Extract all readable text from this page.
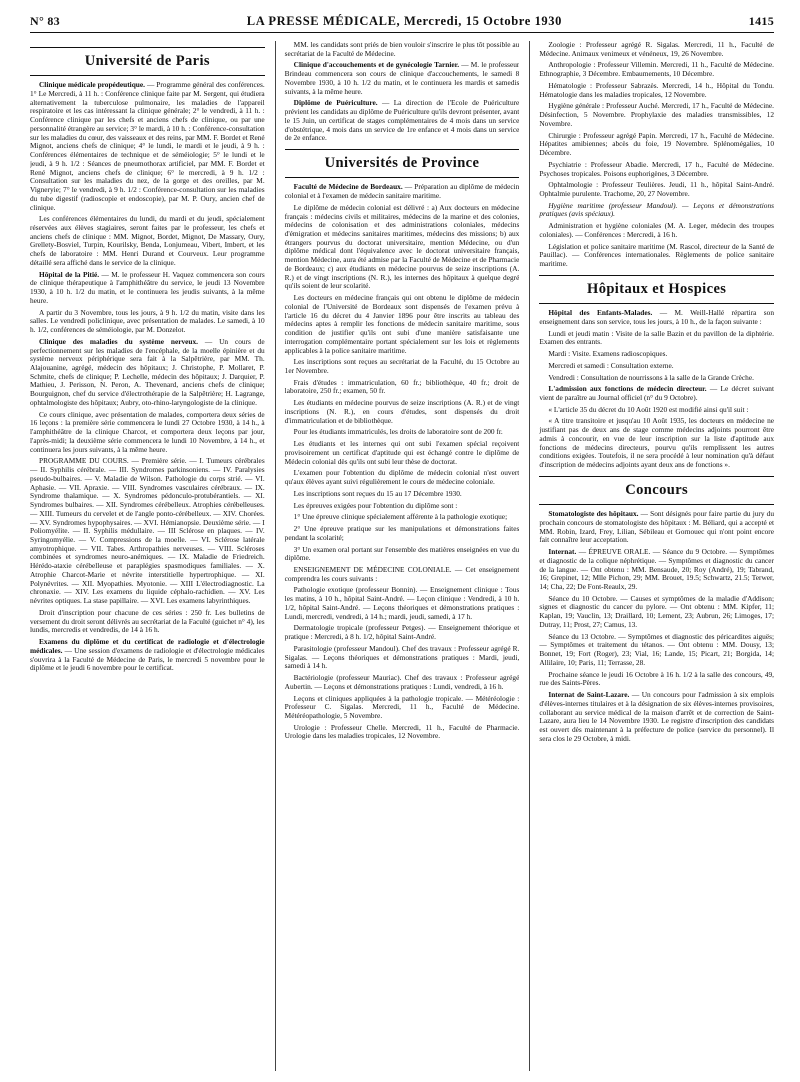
N° 83	LA PRESSE MÉDICALE, Mercredi, 15 Octobre 1930	1415
Université de Paris

Clinique médicale propédeutique. — Programme général des conférences. 1° Le Mercredi, à 11 h. : Conférence clinique faite par M. Sergent, qui étudiera alternativement la tuberculose pulmonaire, les maladies de l'appareil respiratoire et les cas intéressant la clinique générale; 2° le vendredi, à 11 h. : Conférence clinique par les chefs et anciens chefs de clinique, ou par une personnalité étrangère au service; 3° le mardi, à 10 h. : Conférence-consultation sur les maladies du cœur, des vaisseaux et des reins, par MM. F. Bordet et René Mignot, anciens chefs de clinique; 4° le lundi, le mardi et le jeudi, à 9 h. : Conférences élémentaires de technique et de séméiologie; 5° le lundi et le jeudi, à 9 h. 1/2 : Séances de pneumothorax artificiel, par MM. F. Bordet et René Mignot, anciens chefs de clinique; 6° le mercredi, à 9 h. 1/2 : Consultation sur les maladies du nez, de la gorge et des oreilles, par M. Vigneryie; 7° le vendredi, à 9 h. 1/2 : Conférence-consultation sur les maladies du tube digestif (radioscopie et endoscopie), par M. P. Oury, ancien chef de clinique.

Les conférences élémentaires du lundi, du mardi et du jeudi, spécialement réservées aux élèves stagiaires, seront faites par le professeur, les chefs et anciens chefs de clinique : MM. Mignot, Bordet, Mignot, De Massary, Oury, Grellety-Bosviel, Turpin, Kourilsky, Benda, Lonjumeau, Vibert, Imbert, et les chefs de laboratoire : MM. Henri Durand et Courveux. Leur programme détaillé sera affiché dans le service de la clinique.

Hôpital de la Pitié. — M. le professeur H. Vaquez commencera son cours de clinique thérapeutique à l'amphithéâtre du service, le jeudi 13 Novembre 1930, à 10 h. 1/2 du matin, et le continuera les jeudis suivants, à la même heure.

A partir du 3 Novembre, tous les jours, à 9 h. 1/2 du matin, visite dans les salles. Le vendredi policlinique, avec présentation de malades. Le samedi, à 10 h. 1/2, conférences de séméiologie, par M. Donzelot.

Clinique des maladies du système nerveux. — Un cours de perfectionnement sur les maladies de l'encéphale, de la moelle épinière et du système nerveux périphérique sera fait à la Salpêtrière, par MM. Th. Alajouanine, agrégé, médecin des hôpitaux; J. Christophe, P. Mollaret, P. Schmite, chefs de clinique; P. Lechelle, médecin des hôpitaux; J. Darquier, P. Mathieu, J. Perisson, N. Peron, A. Thevenard, anciens chefs de clinique; Bourguignon, chef du service d'électrothérapie de la Salpêtrière; H. Lagrange, ophtalmologiste des hôpitaux; Aubry, oto-rhino-laryngologiste de la clinique.

Ce cours clinique, avec présentation de malades, comportera deux séries de 16 leçons : la première série commencera le lundi 27 Octobre 1930, à 14 h., à l'amphithéâtre de la clinique Charcot, et comportera deux leçons par jour, l'après-midi; la deuxième série commencera le lundi 10 Novembre, à 14 h., et continuera les jours suivants, à la même heure.

PROGRAMME DU COURS. — Première série. — I. Tumeurs cérébrales — II. Syphilis cérébrale. — III. Syndromes parkinsoniens. — IV. Paralysies pseudo-bulbaires. — V. Maladie de Wilson. Pathologie du corps strié. — VI. Aphasie. — VII. Apraxie. — VIII. Syndromes vasculaires cérébraux. — IX. Syndrome thalamique. — X. Syndromes pédonculo-protubérantiels. — XI. Syndromes bulbaires. — XII. Syndromes cérébelleux. Atrophies cérébelleuses. — XIII. Tumeurs du cervelet et de l'angle ponto-cérébelleux. — XIV. Chorées. — XV. Syndromes hypophysaires. — XVI. Hémianopsie. Deuxième série. — I Poliomyélite. — II. Syphilis médullaire. — III Sclérose en plaques. — IV. Syringomyélie. — V. Compressions de la moelle. — VI. Sclérose latérale amyotrophique. — VII. Tabes. Arthropathies nerveuses. — VIII. Scléroses combinées et syndromes neuro-anémiques. — IX. Maladie de Friedreich. Hérédo-ataxie cérébelleuse et paraplégies spasmodiques familiales. — X. Atrophie Charcot-Marie et névrite interstitielle hypertrophique. — XI. Polynévrites. — XII. Myopathies. Myotonie. — XIII L'électrodiagnostic. La chronaxie. — XIV. Les examens du liquide céphalo-rachidien. — XV. Les névrites optiques. La stase papillaire. — XVI. Les examens labyrinthiques.

Droit d'inscription pour chacune de ces séries : 250 fr. Les bulletins de versement du droit seront délivrés au secrétariat de la Faculté (guichet n° 4), les lundis, mercredis et vendredis, de 14 à 16 h.

Examens du diplôme et du certificat de radiologie et d'électrologie médicales. — Une session d'examens de radiologie et d'électrologie médicales s'ouvrira à la Faculté de Médecine de Paris, le mercredi 5 novembre pour le diplôme et le jeudi 6 novembre pour le certificat.

MM. les candidats sont priés de bien vouloir s'inscrire le plus tôt possible au secrétariat de la Faculté de Médecine.

Clinique d'accouchements et de gynécologie Tarnier. — M. le professeur Brindeau commencera son cours de clinique d'accouchements, le samedi 8 Novembre 1930, à 10 h. 1/2 du matin, et le continuera les mardis et samedis suivants, à la même heure.

Diplôme de Puériculture. — La direction de l'Ecole de Puériculture prévient les candidats au diplôme de Puériculture qu'ils devront présenter, avant le 15 Juin, un certificat de stages complémentaires de 4 mois dans un service d'obstétrique, 4 mois dans un service de 1re enfance et 4 mois dans un service de 2e enfance.

Universités de Province

Faculté de Médecine de Bordeaux. — Préparation au diplôme de médecin colonial et à l'examen de médecin sanitaire maritime.

Le diplôme de médecin colonial est délivré : a) Aux docteurs en médecine français : médecins civils et militaires, médecins de la marine et des colonies, médecins de colonisation et des administrations coloniales, médecins d'émigration et médecins sanitaires maritimes, médecins des missions; b) aux étrangers pourvus du doctorat universitaire, mention Médecine, ou d'un diplôme médical dont l'équivalence avec le doctorat universitaire français, mention Médecine, aura été admise par la Faculté de Médecine et de Pharmacie de Bordeaux; c) aux étudiants en médecine pourvus de seize inscriptions (A. R.) et de vingt inscriptions (N. R.), les internes des hôpitaux à quelque degré qu'ils soient de leur scolarité.

Les docteurs en médecine français qui ont obtenu le diplôme de médecin colonial de l'Université de Bordeaux sont dispensés de l'examen prévu à l'article 16 du décret du 4 Janvier 1896 pour être inscrits au tableau des médecins aptes à remplir les fonctions de médecin sanitaire maritime, sous condition de justifier qu'ils ont subi d'une manière satisfaisante une interrogation complémentaire portant spécialement sur les lois et règlements applicables à la police sanitaire maritime.

Les inscriptions sont reçues au secrétariat de la Faculté, du 15 Octobre au 1er Novembre.

Frais d'études : immatriculation, 60 fr.; bibliothèque, 40 fr.; droit de laboratoire, 250 fr.; examen, 50 fr.

Les étudiants en médecine pourvus de seize inscriptions (A. R.) et de vingt inscriptions (N. R.), en cours d'études, sont dispensés du droit d'immatriculation et de bibliothèque.

Pour les étudiants immatriculés, les droits de laboratoire sont de 200 fr.

Les étudiants et les internes qui ont subi l'examen spécial reçoivent provisoirement un certificat d'aptitude qui est échangé contre le diplôme de Médecin colonial dès qu'ils ont subi leur thèse de doctorat.

L'examen pour l'obtention du diplôme de médecin colonial n'est ouvert qu'aux élèves ayant suivi régulièrement le cours de médecine coloniale.

Les inscriptions sont reçues du 15 au 17 Décembre 1930.

Les épreuves exigées pour l'obtention du diplôme sont :

1° Une épreuve clinique spécialement afférente à la pathologie exotique;

2° Une épreuve pratique sur les manipulations et démonstrations faites pendant la scolarité;

3° Un examen oral portant sur l'ensemble des matières enseignées en vue du diplôme.

ENSEIGNEMENT DE MÉDECINE COLONIALE. — Cet enseignement comprendra les cours suivants :

Pathologie exotique (professeur Bonnin). — Enseignement clinique : Tous les matins, à 10 h., hôpital Saint-André. — Leçon clinique : Vendredi, à 10 h. 1/2, hôpital Saint-André. — Leçons théoriques et démonstrations pratiques : Lundi, mercredi, vendredi, à 14 h.; mardi, jeudi, samedi, à 17 h.

Dermatologie tropicale (professeur Petges). — Enseignement théorique et pratique : Mercredi, à 8 h. 1/2, hôpital Saint-André.

Parasitologie (professeur Mandoul). Chef des travaux : Professeur agrégé R. Sigalas. — Leçons théoriques et démonstrations pratiques : Mardi, jeudi, samedi à 14 h.

Bactériologie (professeur Mauriac). Chef des travaux : Professeur agrégé Aubertin. — Leçons et démonstrations pratiques : Lundi, vendredi, à 16 h.

Leçons et cliniques appliquées à la pathologie tropicale. — Météréologie : Professeur C. Sigalas. Mercredi, 11 h., Faculté de Médecine. Météréopathologie, 5 Novembre.

Urologie : Professeur Chelle. Mercredi, 11 h., Faculté de Pharmacie. Urologie dans les maladies tropicales, 12 Novembre.

Zoologie : Professeur agrégé R. Sigalas. Mercredi, 11 h., Faculté de Médecine. Animaux venimeux et vénéneux, 19, 26 Novembre.

Anthropologie : Professeur Villemin. Mercredi, 11 h., Faculté de Médecine. Ethnographie, 3 Décembre. Embaumements, 10 Décembre.

Hématologie : Professeur Sabrazès. Mercredi, 14 h., Hôpital du Tondu. Hématologie dans les maladies tropicales, 12 Novembre.

Hygiène générale : Professeur Auché. Mercredi, 17 h., Faculté de Médecine. Désinfection, 5 Novembre. Prophylaxie des maladies transmissibles, 12 Novembre.

Chirurgie : Professeur agrégé Papin. Mercredi, 17 h., Faculté de Médecine. Hépatites amibiennes; abcès du foie, 19 Novembre. Splénomégalies, 10 Décembre.

Psychiatrie : Professeur Abadie. Mercredi, 17 h., Faculté de Médecine. Psychoses tropicales. Poisons euphorigènes, 3 Décembre.

Ophtalmologie : Professeur Teulières. Jeudi, 11 h., hôpital Saint-André. Ophtalmie purulente. Trachome, 20, 27 Novembre.

Hygiène maritime (professeur Mandoul). — Leçons et démonstrations pratiques (avis spéciaux).

Administration et hygiène coloniales (M. A. Leger, médecin des troupes coloniales). — Conférences : Mercredi, à 16 h.

Législation et police sanitaire maritime (M. Rascol, directeur de la Santé de Pauillac). — Conférences internationales. Règlements de police sanitaire maritime.

Hôpitaux et Hospices

Hôpital des Enfants-Malades. — M. Weill-Hallé répartira son enseignement dans son service, tous les jours, à 10 h., de la façon suivante :

Lundi et jeudi matin : Visite de la salle Bazin et du pavillon de la diphtérie. Examen des entrants.

Mardi : Visite. Examens radioscopiques.

Mercredi et samedi : Consultation externe.

Vendredi : Consultation de nourrissons à la salle de la Grande Crèche.

L'admission aux fonctions de médecin directeur. — Le décret suivant vient de paraître au Journal officiel (n° du 9 Octobre).

« L'article 35 du décret du 10 Août 1920 est modifié ainsi qu'il suit :

« A titre transitoire et jusqu'au 10 Août 1935, les docteurs en médecine ne justifiant pas de deux ans de stage comme médecins adjoints pourront être admis à concourir, en vue de leur inscription sur la liste d'aptitude aux fonctions de médecins directeurs, pourvu qu'ils remplissent les autres conditions exigées. Toutefois, il ne sera procédé à leur nomination qu'à défaut d'inscription de médecins adjoints ayant deux ans de fonctions ».

Concours

Stomatologiste des hôpitaux. — Sont désignés pour faire partie du jury du prochain concours de stomatologiste des hôpitaux : M. Béliard, qui a accepté et MM. Robin, Izard, Frey, Lilian, Sébileau et Gornouec qui n'ont point encore fait connaître leur acceptation.

Internat. — ÉPREUVE ORALE. — Séance du 9 Octobre. — Symptômes et diagnostic de la colique néphrétique. — Symptômes et diagnostic du cancer de la langue. — Ont obtenu : MM. Bensaude, 20; Roy (André), 19; Tabrand, 16; Grepinet, 12; Mlle Pichon, 29; MM. Brouet, 19.5; Schwartz, 21.5; Terwer, 14; Cha, 22; De Font-Reaulx, 29.

Séance du 10 Octobre. — Causes et symptômes de la maladie d'Addison; signes et diagnostic du cancer du pylore. — Ont obtenu : MM. Kipfer, 11; Kaplan, 19; Vauclin, 13; Draillard, 10; Lement, 23; Aubrun, 26; Limoges, 17; Dutray, 11; Prost, 27; Camus, 13.

Séance du 13 Octobre. — Symptômes et diagnostic des péricardites aiguës; — Symptômes et traitement du tétanos. — Ont obtenu : MM. Dousy, 13; Bonnet, 19; Fort (Roger), 23; Vial, 16; Lande, 15; Picart, 21; Borgida, 14; Allilaire, 10; Paris, 11; Terrasse, 28.

Prochaine séance le jeudi 16 Octobre à 16 h. 1/2 à la salle des concours, 49, rue des Saints-Pères.

Internat de Saint-Lazare. — Un concours pour l'admission à six emplois d'élèves-internes titulaires et à la désignation de six élèves-internes provisoires, collaborant au service médical de la maison d'arrêt et de correction de Saint-Lazare, aura lieu le 14 Novembre 1930. Le registre d'inscription des candidats est ouvert dès maintenant à la préfecture de police (service du personnel). Il sera clos le 29 Octobre, à midi.
